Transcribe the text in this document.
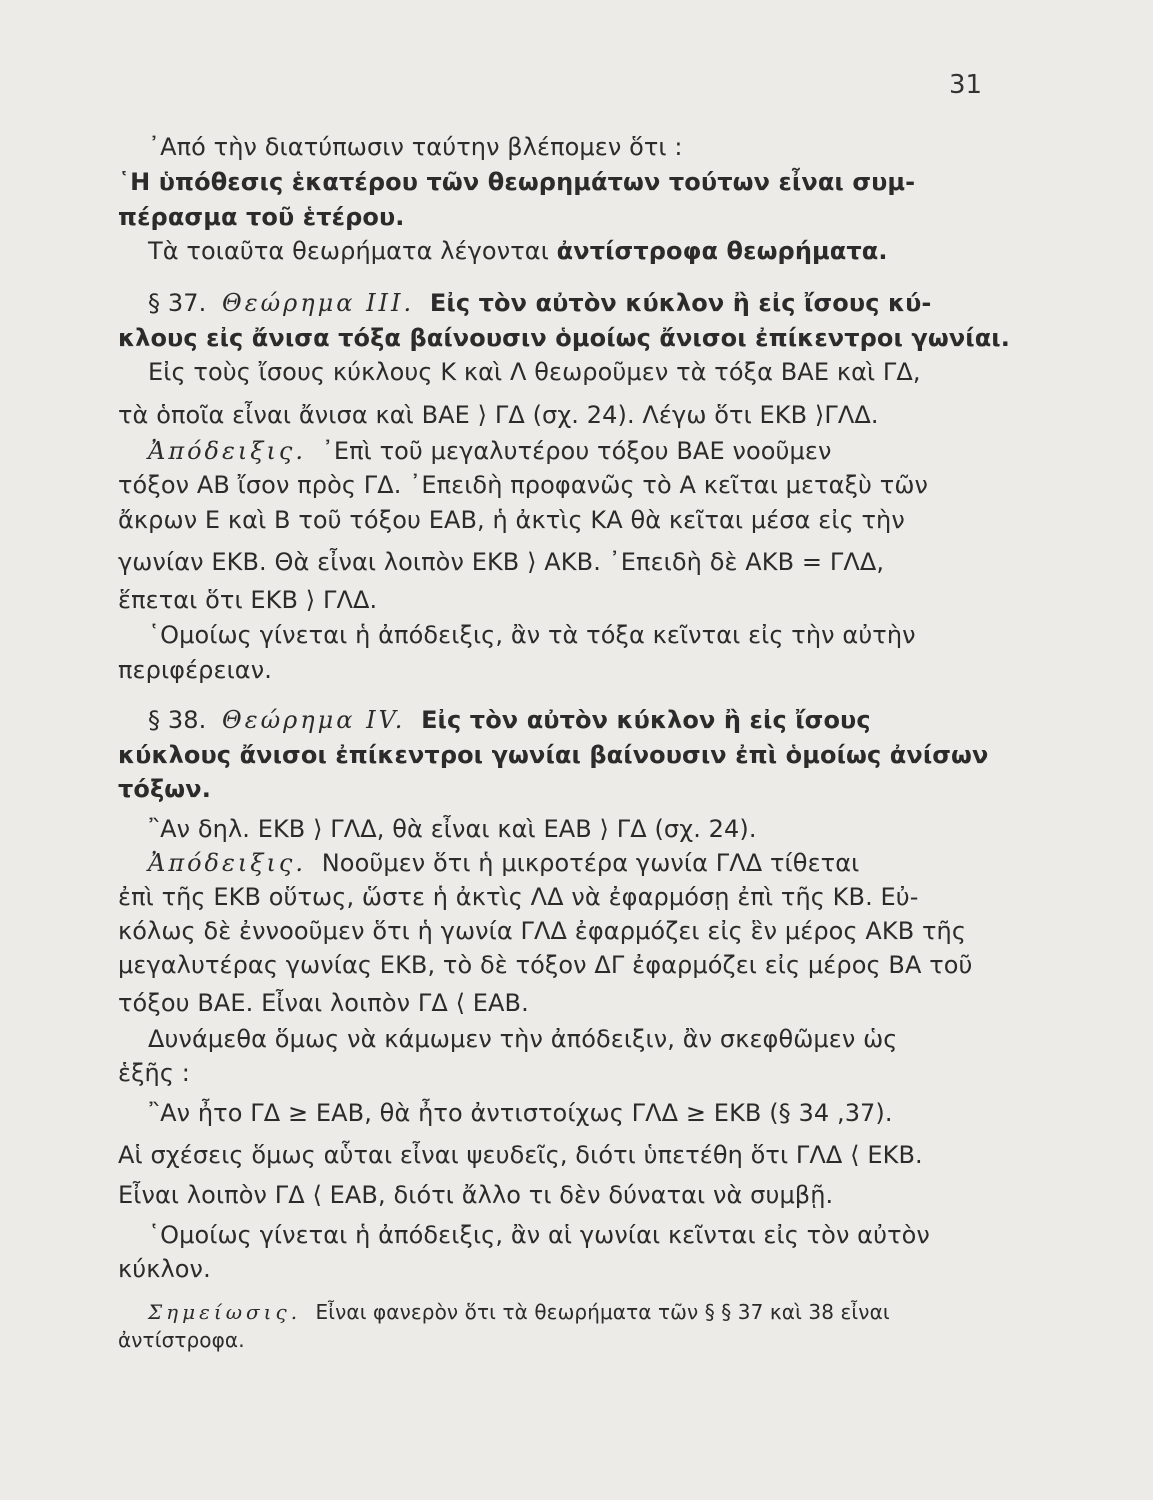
31
᾿Από τὴν διατύπωσιν ταύτην βλέπομεν ὅτι :
῾Η ὑπόθεσις ἑκατέρου τῶν θεωρημάτων τούτων εἶναι συμ-
πέρασμα τοῦ ἑτέρου.
Τὰ τοιαῦτα θεωρήματα λέγονται ἀντίστροφα θεωρήματα.
§ 37. Θεώρημα III. Εἰς τὸν αὐτὸν κύκλον ἢ εἰς ἴσους κύ-
κλους εἰς ἄνισα τόξα βαίνουσιν ὁμοίως ἄνισοι ἐπίκεντροι γωνίαι.
Εἰς τοὺς ἴσους κύκλους Κ καὶ Λ θεωροῦμεν τὰ τόξα ΒΑΕ καὶ ΓΔ,
τὰ ὁποῖα εἶναι ἄνισα καὶ ΒΑΕ ⟩ ΓΔ (σχ. 24). Λέγω ὅτι ΕΚΒ ⟩ΓΛΔ.
Ἀπόδειξις. ᾿Επὶ τοῦ μεγαλυτέρου τόξου ΒΑΕ νοοῦμεν
τόξον ΑΒ ἴσον πρὸς ΓΔ. ᾿Επειδὴ προφανῶς τὸ Α κεῖται μεταξὺ τῶν
ἄκρων Ε καὶ Β τοῦ τόξου ΕΑΒ, ἡ ἀκτὶς ΚΑ θὰ κεῖται μέσα εἰς τὴν
γωνίαν ΕΚΒ. Θὰ εἶναι λοιπὸν ΕΚΒ ⟩ ΑΚΒ. ᾿Επειδὴ δὲ ΑΚΒ = ΓΛΔ,
ἕπεται ὅτι ΕΚΒ ⟩ ΓΛΔ.
῾Ομοίως γίνεται ἡ ἀπόδειξις, ἂν τὰ τόξα κεῖνται εἰς τὴν αὐτὴν
περιφέρειαν.
§ 38. Θεώρημα IV. Εἰς τὸν αὐτὸν κύκλον ἢ εἰς ἴσους
κύκλους ἄνισοι ἐπίκεντροι γωνίαι βαίνουσιν ἐπὶ ὁμοίως ἀνίσων
τόξων.
῍Αν δηλ. ΕΚΒ ⟩ ΓΛΔ, θὰ εἶναι καὶ ΕΑΒ ⟩ ΓΔ (σχ. 24).
Ἀπόδειξις. Νοοῦμεν ὅτι ἡ μικροτέρα γωνία ΓΛΔ τίθεται
ἐπὶ τῆς ΕΚΒ οὕτως, ὥστε ἡ ἀκτὶς ΛΔ νὰ ἐφαρμόσῃ ἐπὶ τῆς ΚΒ. Εὐ-
κόλως δὲ ἐννοοῦμεν ὅτι ἡ γωνία ΓΛΔ ἐφαρμόζει εἰς ἓν μέρος ΑΚΒ τῆς
μεγαλυτέρας γωνίας ΕΚΒ, τὸ δὲ τόξον ΔΓ ἐφαρμόζει εἰς μέρος ΒΑ τοῦ
τόξου ΒΑΕ. Εἶναι λοιπὸν ΓΔ ⟨ ΕΑΒ.
Δυνάμεθα ὅμως νὰ κάμωμεν τὴν ἀπόδειξιν, ἂν σκεφθῶμεν ὡς
ἑξῆς :
῍Αν ἦτο ΓΔ ≥ ΕΑΒ, θὰ ἦτο ἀντιστοίχως ΓΛΔ ≥ ΕΚΒ (§ 34 ,37).
Αἱ σχέσεις ὅμως αὗται εἶναι ψευδεῖς, διότι ὑπετέθη ὅτι ΓΛΔ ⟨ ΕΚΒ.
Εἶναι λοιπὸν ΓΔ ⟨ ΕΑΒ, διότι ἄλλο τι δὲν δύναται νὰ συμβῇ.
῾Ομοίως γίνεται ἡ ἀπόδειξις, ἂν αἱ γωνίαι κεῖνται εἰς τὸν αὐτὸν
κύκλον.
Σημείωσις. Εἶναι φανερὸν ὅτι τὰ θεωρήματα τῶν § § 37 καὶ 38 εἶναι
ἀντίστροφα.
